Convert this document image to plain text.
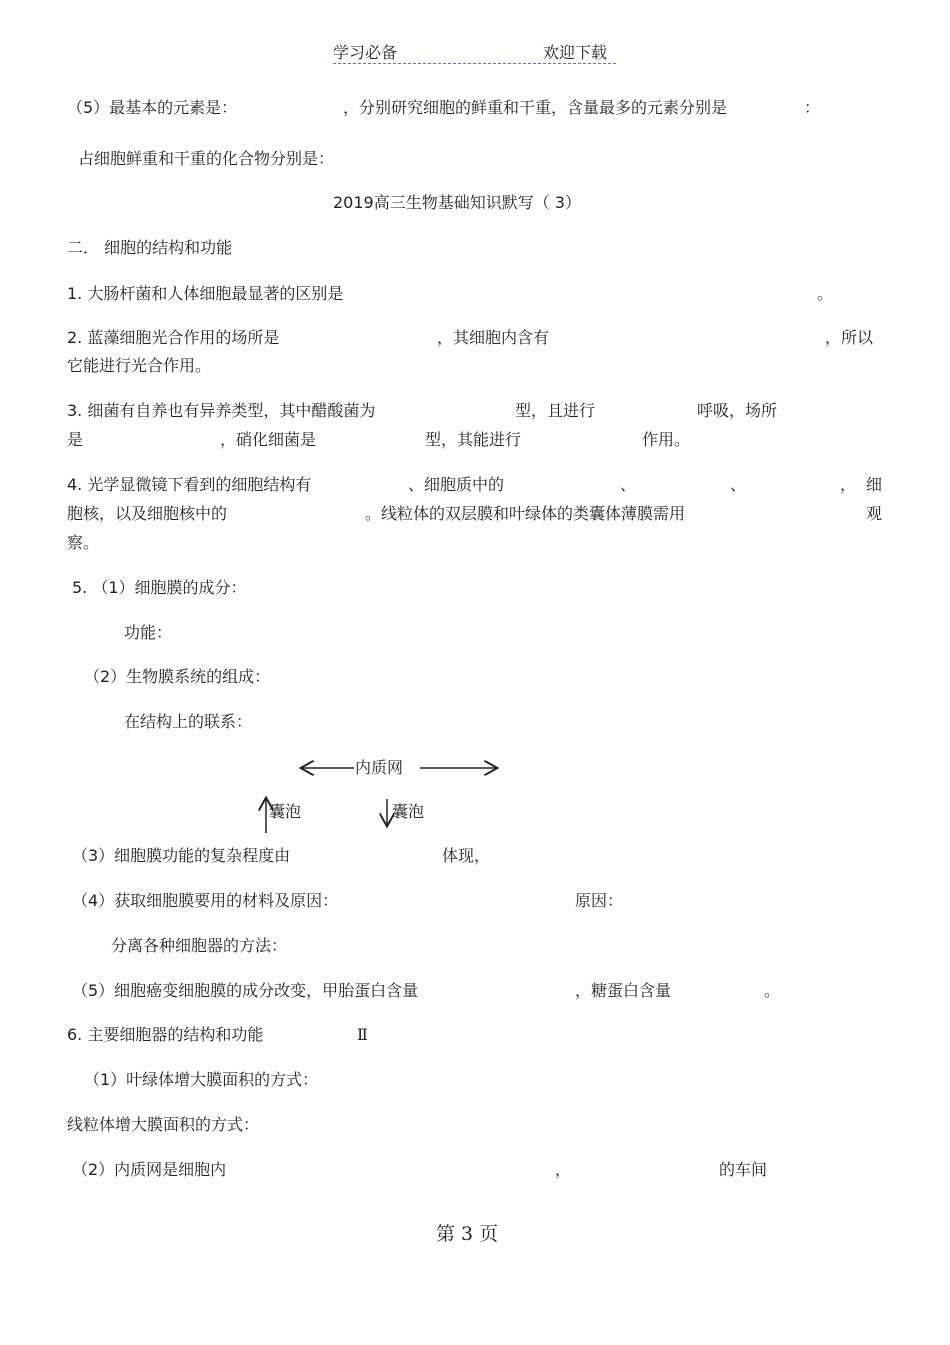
学习必备	欢迎下载
（5）最基本的元素是：	，分别研究细胞的鲜重和干重，含量最多的元素分别是	：
占细胞鲜重和干重的化合物分别是：
2019高三生物基础知识默写（ 3）
二． 细胞的结构和功能
1. 大肠杆菌和人体细胞最显著的区别是	。
2. 蓝藻细胞光合作用的场所是	，其细胞内含有	，所以
它能进行光合作用。
3. 细菌有自养也有异养类型，其中醋酸菌为	型，且进行	呼吸，场所
是	，硝化细菌是	型，其能进行	作用。
4. 光学显微镜下看到的细胞结构有	、细胞质中的	、	、	， 细
胞核，以及细胞核中的	。线粒体的双层膜和叶绿体的类囊体薄膜需用	观
察。
5. （1）细胞膜的成分：
功能：
（2）生物膜系统的组成：
在结构上的联系：
内质网
囊泡	囊泡
（3）细胞膜功能的复杂程度由	体现，
（4）获取细胞膜要用的材料及原因：	原因：
分离各种细胞器的方法：
（5）细胞癌变细胞膜的成分改变，甲胎蛋白含量	，糖蛋白含量	。
6. 主要细胞器的结构和功能	Ⅱ
（1）叶绿体增大膜面积的方式：
线粒体增大膜面积的方式：
（2）内质网是细胞内	，	的车间
第 3 页
